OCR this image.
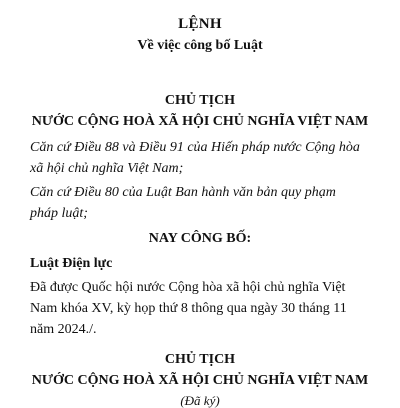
LỆNH
Về việc công bố Luật
CHỦ TỊCH
NƯỚC CỘNG HOÀ XÃ HỘI CHỦ NGHĨA VIỆT NAM
Căn cứ Điều 88 và Điều 91 của Hiến pháp nước Cộng hòa
xã hội chủ nghĩa Việt Nam;
Căn cứ Điều 80 của Luật Ban hành văn bản quy phạm
pháp luật;
NAY CÔNG BỐ:
Luật Điện lực
Đã được Quốc hội nước Cộng hòa xã hội chủ nghĩa Việt
Nam khóa XV, kỳ họp thứ 8 thông qua ngày 30 tháng 11
năm 2024./.
CHỦ TỊCH
NƯỚC CỘNG HOÀ XÃ HỘI CHỦ NGHĨA VIỆT NAM
(Đã ký)
